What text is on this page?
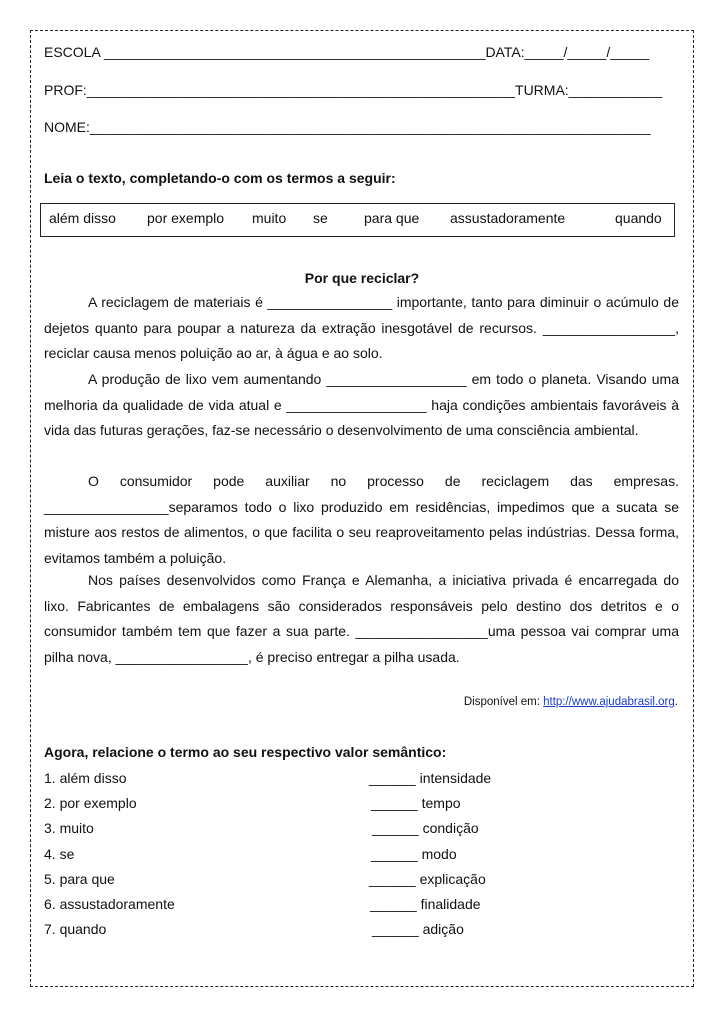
ESCOLA _________________________________________________DATA:_____/_____/_____
PROF:_______________________________________________________TURMA:____________
NOME:________________________________________________________________________
Leia o texto, completando-o com os termos a seguir:
além disso por exemplo muito se	para que assustadoramente	quando
Por que reciclar?
A reciclagem de materiais é ________________ importante, tanto para diminuir o acúmulo de dejetos quanto para poupar a natureza da extração inesgotável de recursos. _________________, reciclar causa menos poluição ao ar, à água e ao solo.
A produção de lixo vem aumentando __________________ em todo o planeta. Visando uma melhoria da qualidade de vida atual e __________________ haja condições ambientais favoráveis à vida das futuras gerações, faz-se necessário o desenvolvimento de uma consciência ambiental.
O consumidor pode auxiliar no processo de reciclagem das empresas. ________________separamos todo o lixo produzido em residências, impedimos que a sucata se misture aos restos de alimentos, o que facilita o seu reaproveitamento pelas indústrias. Dessa forma, evitamos também a poluição.
Nos países desenvolvidos como França e Alemanha, a iniciativa privada é encarregada do lixo. Fabricantes de embalagens são considerados responsáveis pelo destino dos detritos e o consumidor também tem que fazer a sua parte. _________________uma pessoa vai comprar uma pilha nova, _________________, é preciso entregar a pilha usada.
Disponível em: http://www.ajudabrasil.org.
Agora, relacione o termo ao seu respectivo valor semântico:
1. além disso
2. por exemplo
3. muito
4. se
5. para que
6. assustadoramente
7. quando
______ intensidade
______ tempo
______ condição
______ modo
______ explicação
______ finalidade
______ adição
